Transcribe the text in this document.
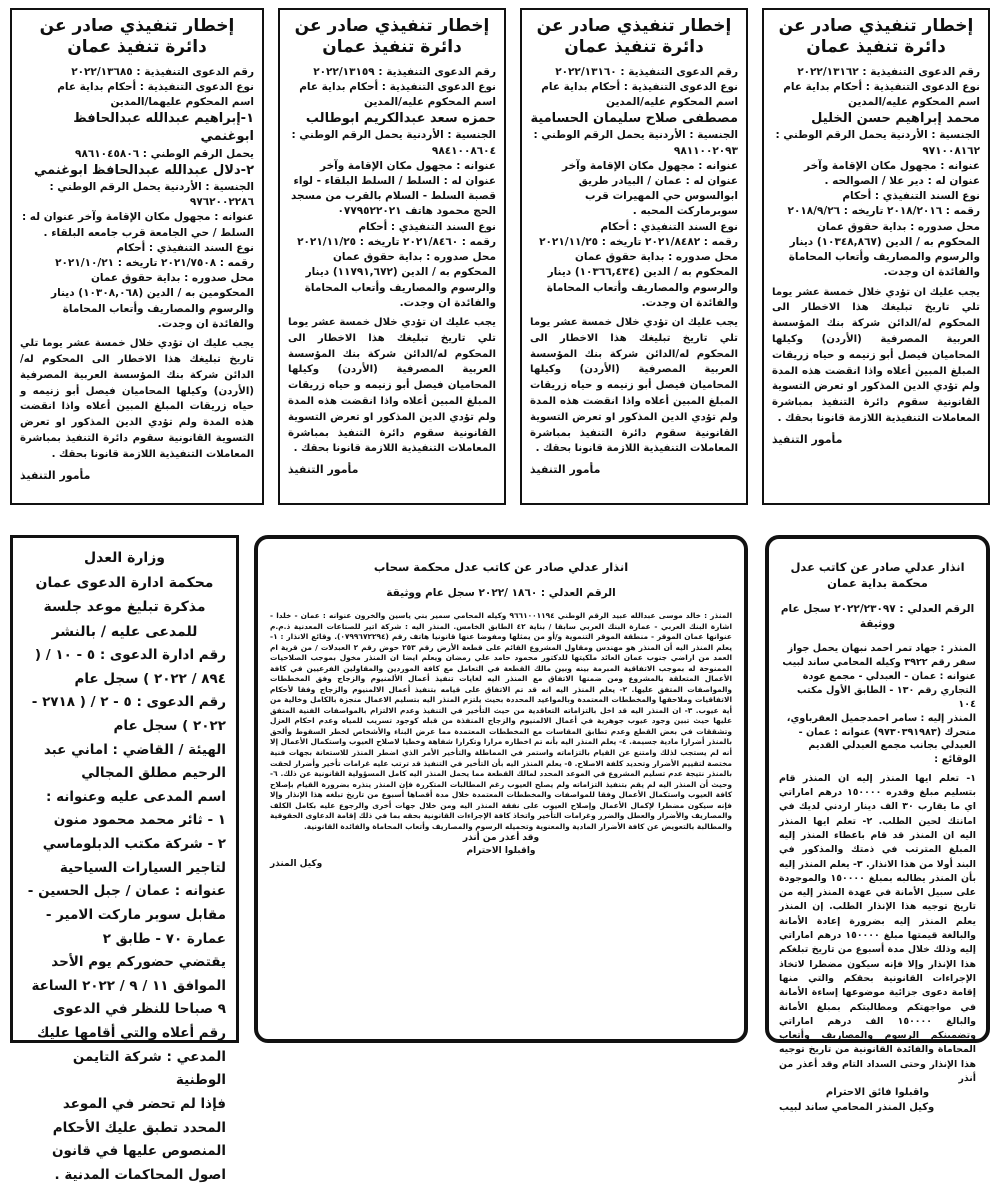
إخطار تنفيذي صادر عن دائرة تنفيذ عمان

رقم الدعوى التنفيذية : ٢٠٢٢/١٣١٦٢

نوع الدعوى التنفيذية : أحكام بداية عام

اسم المحكوم عليه/المدين

محمد إبراهيم حسن الخليل

الجنسية : الأردنية يحمل الرقم الوطني : ٩٧١٠٠٨١٦٢

عنوانه : مجهول مكان الإقامة وآخر عنوان له : دير علا / الصوالحه .

نوع السند التنفيذي : أحكام

رقمه : ٢٠١٨/٢٠١٦ تاريخه : ٢٠١٨/٩/٢٦

محل صدوره : بداية حقوق عمان

المحكوم به / الدين (١٠٣٤٨,٨٦٧) دينار والرسوم والمصاريف وأتعاب المحاماة والفائدة ان وجدت.

يجب عليك ان تؤدي خلال خمسة عشر يوما تلي تاريخ تبليغك هذا الاخطار الى المحكوم له/الدائن شركة بنك المؤسسة العربية المصرفية (الأردن) وكيلها المحاميان فيصل أبو زنيمه و حياه زريقات المبلغ المبين أعلاه واذا انقضت هذه المدة ولم تؤدي الدين المذكور او تعرض التسوية القانونية سقوم دائرة التنفيذ بمباشرة المعاملات التنفيذية اللازمة قانونا بحقك .

مأمور التنفيذ

إخطار تنفيذي صادر عن دائرة تنفيذ عمان

رقم الدعوى التنفيذية : ٢٠٢٢/١٣١٦٠

نوع الدعوى التنفيذية : أحكام بداية عام

اسم المحكوم عليه/المدين

مصطفى صلاح سليمان الحسامية

الجنسية : الأردنية يحمل الرقم الوطني : ٩٨١١٠٠٢٠٩٣

عنوانه : مجهول مكان الإقامة وآخر عنوان له : عمان / البيادر طريق ابوالسوس حي المهيرات قرب سوبرماركت المحبه .

نوع السند التنفيذي : أحكام

رقمه : ٢٠٢١/٨٤٨٢ تاريخه : ٢٠٢١/١١/٢٥

محل صدوره : بداية حقوق عمان

المحكوم به / الدين (١٠٣٦٦,٤٣٤) دينار والرسوم والمصاريف وأتعاب المحاماة والفائدة ان وجدت.

يجب عليك ان تؤدي خلال خمسة عشر يوما تلي تاريخ تبليغك هذا الاخطار الى المحكوم له/الدائن شركة بنك المؤسسة العربية المصرفية (الأردن) وكيلها المحاميان فيصل أبو زنيمه و حياه زريقات المبلغ المبين أعلاه واذا انقضت هذه المدة ولم تؤدي الدين المذكور او تعرض التسوية القانونية سقوم دائرة التنفيذ بمباشرة المعاملات التنفيذية اللازمة قانونا بحقك .

مأمور التنفيذ

إخطار تنفيذي صادر عن دائرة تنفيذ عمان

رقم الدعوى التنفيذية : ٢٠٢٢/١٣١٥٩

نوع الدعوى التنفيذية : أحكام بداية عام

اسم المحكوم عليه/المدين

حمزه سعد عبدالكريم ابوطالب

الجنسية : الأردنية يحمل الرقم الوطني : ٩٨٤١٠٠٨٦٠٤

عنوانه : مجهول مكان الإقامة وآخر عنوان له : السلط / السلط البلقاء - لواء قصبة السلط - السلام بالقرب من مسجد الحج محمود هاتف ٠٧٧٩٥٢٢٠٢١

نوع السند التنفيذي : أحكام

رقمه : ٢٠٢١/٨٤٦٠ تاريخه : ٢٠٢١/١١/٢٥

محل صدوره : بداية حقوق عمان

المحكوم به / الدين (١١٧٩١,٦٧٢) دينار والرسوم والمصاريف وأتعاب المحاماة والفائدة ان وجدت.

يجب عليك ان تؤدي خلال خمسة عشر يوما تلي تاريخ تبليغك هذا الاخطار الى المحكوم له/الدائن شركة بنك المؤسسة العربية المصرفية (الأردن) وكيلها المحاميان فيصل أبو زنيمه و حياه زريقات المبلغ المبين أعلاه واذا انقضت هذه المدة ولم تؤدي الدين المذكور او تعرض التسوية القانونية سقوم دائرة التنفيذ بمباشرة المعاملات التنفيذية اللازمة قانونا بحقك .

مأمور التنفيذ

إخطار تنفيذي صادر عن دائرة تنفيذ عمان

رقم الدعوى التنفيذية : ٢٠٢٢/١٣٦٨٥

نوع الدعوى التنفيذية : أحكام بداية عام

اسم المحكوم عليهما/المدين

١-إبراهيم عبدالله عبدالحافظ ابوغنمي

يحمل الرقم الوطني : ٩٨٦١٠٤٥٨٠٦

٢-دلال عبدالله عبدالحافظ ابوغنمي

الجنسية : الأردنية يحمل الرقم الوطني : ٩٧٦٢٠٠٢٢٨٦

عنوانه : مجهول مكان الإقامة وآخر عنوان له : السلط / حي الجامعة قرب جامعه البلقاء .

نوع السند التنفيذي : أحكام

رقمه : ٢٠٢١/٧٥٠٨ تاريخه : ٢٠٢١/١٠/٢١

محل صدوره : بداية حقوق عمان

المحكومين به / الدين (١٠٣٠٨,٠٦٨) دينار والرسوم والمصاريف وأتعاب المحاماة والفائدة ان وجدت.

يجب عليك ان تؤدي خلال خمسة عشر يوما تلي تاريخ تبليغك هذا الاخطار الى المحكوم له/الدائن شركة بنك المؤسسة العربية المصرفية (الأردن) وكيلها المحاميان فيصل أبو زنيمه و حياه زريقات المبلغ المبين أعلاه واذا انقضت هذه المدة ولم تؤدي الدين المذكور او تعرض التسوية القانونية سقوم دائرة التنفيذ بمباشرة المعاملات التنفيذية اللازمة قانونا بحقك .

مأمور التنفيذ

انذار عدلي صادر عن كاتب عدل محكمة بداية عمان

الرقم العدلي : ٢٠٢٢/٢٣٠٩٧ سجل عام ووثيقة

المنذر : جهاد تمر احمد نبهان يحمل جواز سفر رقم ٣٩٢٢ وكيله المحامي ساند لبيب عنوانه : عمان - العبدلي - مجمع عودة التجاري رقم ١٣٠ - الطابق الأول مكتب ١٠٤

المنذر إليه : سامر احمدجميل العقرباوي، متحرك (٩٧٣٠٣٩١٩٨٣) عنوانه : عمان - العبدلي بجانب مجمع العبدلي القديم

الوقائع :

١- تعلم ايها المنذر إليه ان المنذر قام بتسليم مبلغ وقدره ١٥٠٠٠٠ درهم اماراتي اي ما يقارب ٣٠ الف دينار اردني لديك في امانتك لحين الطلب. ٢- تعلم ايها المنذر اليه ان المنذر قد قام باعطاء المنذر إليه المبلغ المترتب في ذمتك والمذكور في البند أولا من هذا الانذار. ٣- يعلم المنذر إليه بأن المنذر يطالبه بمبلغ ١٥٠٠٠٠ والموجودة على سبيل الأمانة في عهدة المنذر إليه من تاريخ توجيه هذا الإنذار الطلب. إن المنذر يعلم المنذر إليه بضرورة إعادة الأمانة والبالغة قيمتها مبلغ ١٥٠٠٠٠ درهم اماراتي إليه وذلك خلال مدة أسبوع من تاريخ تبلغكم هذا الإنذار وإلا فإنه سيكون مضطرا لاتخاذ الإجراءات القانونية بحقكم والتي منها إقامة دعوى جزائية موضوعها إساءة الأمانة في مواجهتكم ومطالبتكم بمبلغ الأمانة والبالغ ١٥٠٠٠٠ الف درهم اماراتي وتضمينكم الرسوم والمصاريف وأتعاب المحاماة والفائدة القانونية من تاريخ توجيه هذا الإنذار وحتى السداد التام وقد أعذر من أنذر

واقبلوا فائق الاحترام

وكيل المنذر المحامي ساند لبيب

انذار عدلي صادر عن كاتب عدل محكمة سحاب

الرقم العدلي : ١٨٦٠ /٢٠٢٢ سجل عام ووثيقة

المنذر : خالد موسى عبدالله عبيد الرقم الوطني ٩٦٦١٠٠١١٩٤ وكيله المحامي سمير بني ياسين والخرون عنوانه : عمان - خلدا - اشارة البنك العربي - عمارة البنك العربي سابقا / بناية ٤٢ الطابق الخامس. المنذر اليه : شركة اتير للصناعات المعدنية ذ.م.م عنوانها عمان الموقر - منطقة الموقر التنموية و/أو من يمثلها ومفوضا عنها قانونيا هاتف رقم (٠٧٩٩٦٧٢٢٩٤). وقائع الانذار : ١- يعلم المنذر اليه أن المنذر هو مهندس ومقاول المشروع القائم على قطعة الأرض رقم ٢٥٣ حوض رقم ٢ العبدلات / من قرية ام العمد من اراضي جنوب عمان العائد ملكيتها للدكتور محمود حامد علي رمضان ويعلم ايضا ان المنذر مخول بموجب الصلاحيات الممنوحة له بموجب الاتفاقية المبرمة بينه وبين مالك القطعة في التعامل مع كافة الموردين والمقاولين الفرعيين في كافة الأعمال المتعلقة بالمشروع ومن ضمنها الاتفاق مع المنذر اليه لغايات تنفيذ أعمال الألمنيوم والزجاج وفق المخططات والمواصفات المتفق عليها. ٢- يعلم المنذر اليه انه قد تم الاتفاق على قيامه بتنفيذ أعمال الالمنيوم والزجاج وفقا لأحكام الاتفاقيات وملاحقها والمخططات المعتمدة وبالمواعيد المحددة بحيث يلتزم المنذر اليه بتسليم الاعمال منجزة بالكامل وخالية من أية عيوب. ٣- ان المنذر اليه قد اخل بالتزاماته التعاقدية من حيث التأخير في التنفيذ وعدم الالتزام بالمواصفات الفنية المتفق عليها حيث تبين وجود عيوب جوهرية في أعمال الالمنيوم والزجاج المنفذة من قبله كوجود تسريب للمياه وعدم احكام العزل وتشققات في بعض القطع وعدم تطابق المقاسات مع المخططات المعتمدة مما عرض البناء والأشخاص لخطر السقوط وألحق بالمنذر أضرارا مادية جسيمة. ٤- يعلم المنذر اليه بأنه تم اخطاره مرارا وتكرارا شفاهة وخطيا لاصلاح العيوب واستكمال الأعمال إلا أنه لم يستجب لذلك وامتنع عن القيام بالتزاماته واستمر في المماطلة والتأخير الأمر الذي اضطر المنذر للاستعانة بجهات فنية مختصة لتقييم الأضرار وتحديد كلفة الاصلاح. ٥- يعلم المنذر اليه بأن التأخير في التنفيذ قد ترتب عليه غرامات تأخير وأضرار لحقت بالمنذر نتيجة عدم تسليم المشروع في الموعد المحدد لمالك القطعة مما يحمل المنذر اليه كامل المسؤولية القانونية عن ذلك. ٦- وحيث أن المنذر اليه لم يقم بتنفيذ التزاماته ولم يصلح العيوب رغم المطالبات المتكررة فإن المنذر ينذره بضرورة القيام بإصلاح كافة العيوب واستكمال الأعمال وفقا للمواصفات والمخططات المعتمدة خلال مدة أقصاها أسبوع من تاريخ تبلغه هذا الإنذار وإلا فإنه سيكون مضطرا لإكمال الأعمال وإصلاح العيوب على نفقة المنذر اليه ومن خلال جهات أخرى والرجوع عليه بكامل الكلف والمصاريف والأضرار والعطل والضرر وغرامات التأخير واتخاذ كافة الإجراءات القانونية بحقه بما في ذلك إقامة الدعاوى الحقوقية والمطالبة بالتعويض عن كافة الأضرار المادية والمعنوية وتحميله الرسوم والمصاريف وأتعاب المحاماة والفائدة القانونية.

وقد أعذر من أنذر

واقبلوا الاحترام

وكيل المنذر

وزارة العدل

محكمة ادارة الدعوى عمان

مذكرة تبليغ موعد جلسة للمدعى عليه / بالنشر

رقم ادارة الدعوى : ٥ - ١٠ / ( ٨٩٤ / ٢٠٢٢ ) سجل عام

رقم الدعوى : ٥ - ٢ / ( ٢٧١٨ - ٢٠٢٢ ) سجل عام

الهيئة / القاضي : اماني عبد الرحيم مطلق المجالي

اسم المدعى عليه وعنوانه :

١ - ثائر محمد محمود منون

٢ - شركة مكتب الدبلوماسي لتاجير السيارات السياحية

عنوانه : عمان / جبل الحسين - مقابل سوبر ماركت الامير - عمارة ٧٠ - طابق ٢

يقتضي حضوركم يوم الأحد الموافق ١١ / ٩ / ٢٠٢٢ الساعة ٩ صباحا للنظر في الدعوى رقم أعلاه والتي أقامها عليك المدعي : شركة التايمن الوطنية

فإذا لم تحضر في الموعد المحدد تطبق عليك الأحكام المنصوص عليها في قانون اصول المحاكمات المدنية .
